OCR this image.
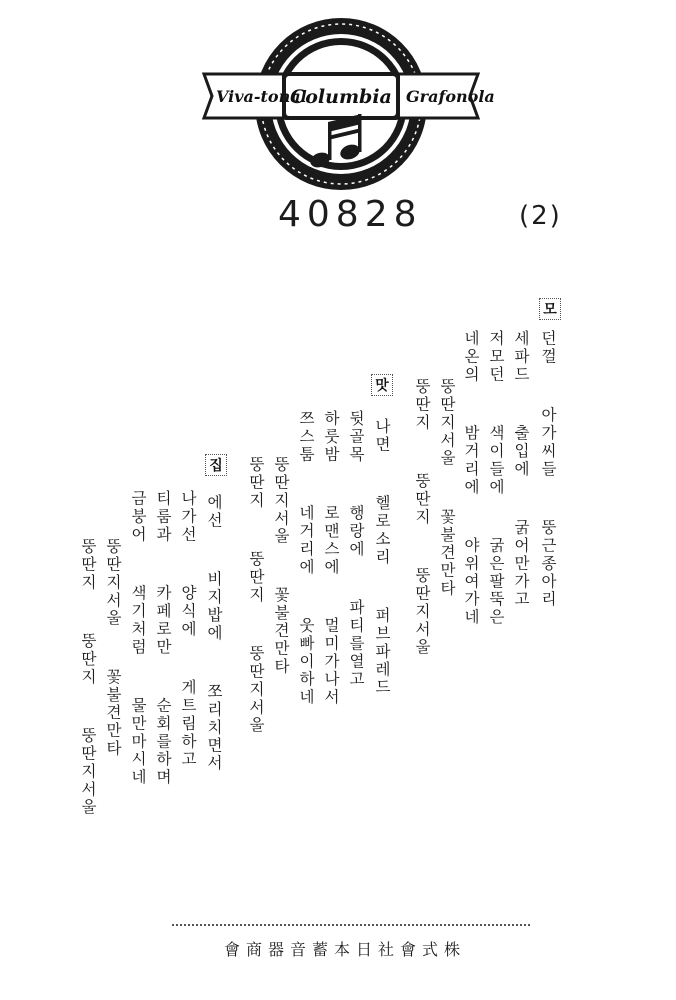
Viva-tonal
Columbia Grafonola
40828	(2)
모
던껄  아가씨들  뚱근종아리
세파드  출입에  굵어만가고
저모던  색이들에  굵은팔뚝은
네온의  밤거리에  야위여가네
뚱딴지서울  꽃불견만타
뚱딴지  뚱딴지  뚱딴지서울
맛
나면  헬로소리  퍼브파레드
뒷골목  행랑에  파티를열고
하룻밤  로맨스에  멀미가나서
쯔스툼  네거리에  웃빠이하네
뚱딴지서울  꽃불견만타
뚱딴지  뚱딴지  뚱딴지서울
집
에선  비지밥에  쪼리치면서
나가선  양식에  게트림하고
티룸과  카페로만  순회를하며
금붕어  색기처럼  물만마시네
뚱딴지서울  꽃불견만타
뚱딴지  뚱딴지  뚱딴지서울
會商器音蓄本日社會式株
